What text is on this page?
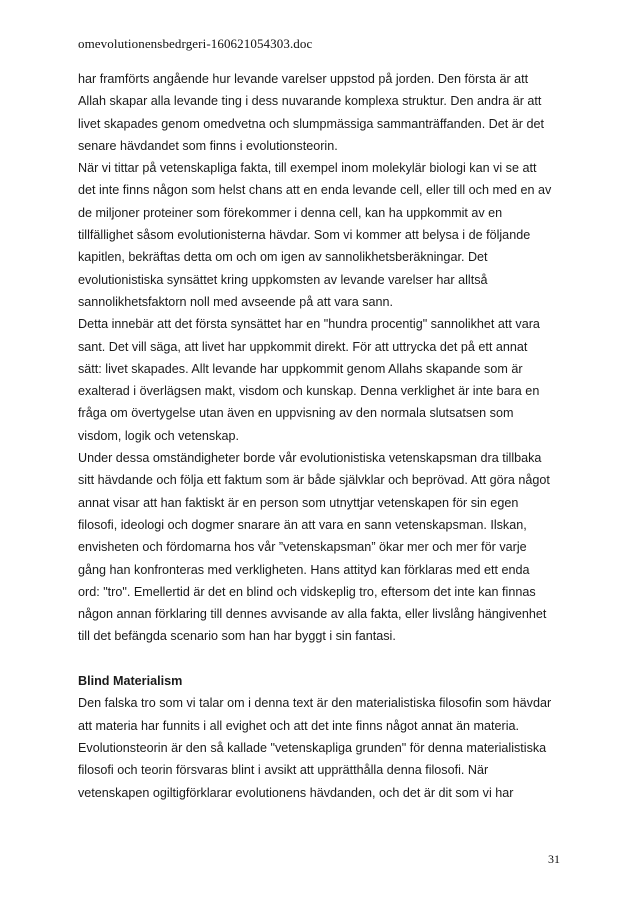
omevolutionensbedrgeri-160621054303.doc
har framförts angående hur levande varelser uppstod på jorden. Den första är att
Allah skapar alla levande ting i dess nuvarande komplexa struktur. Den andra är att
livet skapades genom omedvetna och slumpmässiga sammanträffanden. Det är det
senare hävdandet som finns i evolutionsteorin.
När vi tittar på vetenskapliga fakta, till exempel inom molekylär biologi kan vi se att
det inte finns någon som helst chans att en enda levande cell, eller till och med en av
de miljoner proteiner som förekommer i denna cell, kan ha uppkommit av en
tillfällighet såsom evolutionisterna hävdar. Som vi kommer att belysa i de följande
kapitlen, bekräftas detta om och om igen av sannolikhetsberäkningar. Det
evolutionistiska synsättet kring uppkomsten av levande varelser har alltså
sannolikhetsfaktorn noll med avseende på att vara sann.
Detta innebär att det första synsättet har en "hundra procentig" sannolikhet att vara
sant. Det vill säga, att livet har uppkommit direkt. För att uttrycka det på ett annat
sätt: livet skapades. Allt levande har uppkommit genom Allahs skapande som är
exalterad i överlägsen makt, visdom och kunskap. Denna verklighet är inte bara en
fråga om övertygelse utan även en uppvisning av den normala slutsatsen som
visdom, logik och vetenskap.
Under dessa omständigheter borde vår evolutionistiska vetenskapsman dra tillbaka
sitt hävdande och följa ett faktum som är både självklar och beprövad. Att göra något
annat visar att han faktiskt är en person som utnyttjar vetenskapen för sin egen
filosofi, ideologi och dogmer snarare än att vara en sann vetenskapsman. Ilskan,
envisheten och fördomarna hos vår ”vetenskapsman” ökar mer och mer för varje
gång han konfronteras med verkligheten. Hans attityd kan förklaras med ett enda
ord: "tro". Emellertid är det en blind och vidskeplig tro, eftersom det inte kan finnas
någon annan förklaring till dennes avvisande av alla fakta, eller livslång hängivenhet
till det befängda scenario som han har byggt i sin fantasi.
Blind Materialism
Den falska tro som vi talar om i denna text är den materialistiska filosofin som hävdar
att materia har funnits i all evighet och att det inte finns något annat än materia.
Evolutionsteorin är den så kallade "vetenskapliga grunden" för denna materialistiska
filosofi och teorin försvaras blint i avsikt att upprätthålla denna filosofi. När
vetenskapen ogiltigförklarar evolutionens hävdanden, och det är dit som vi har
31
